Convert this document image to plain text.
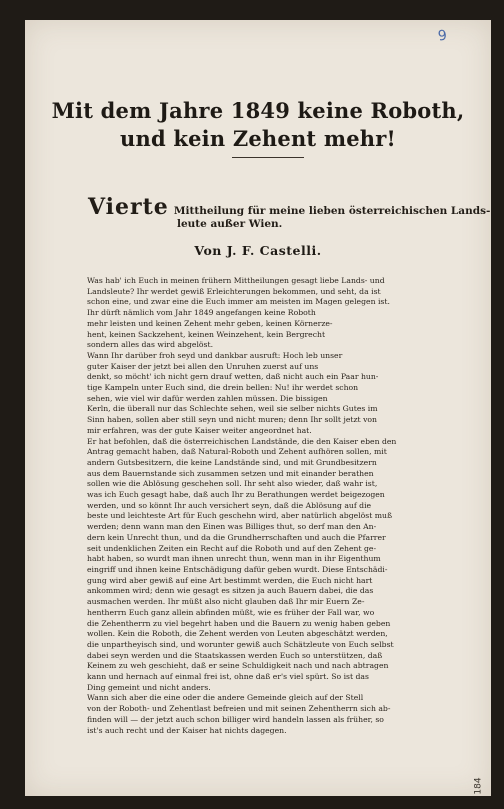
9
Mit dem Jahre 1849 keine Roboth,
und kein Zehent mehr!
Vierte Mittheilung für meine lieben österreichischen Lands-
leute außer Wien.
Von J. F. Castelli.
Was hab' ich Euch in meinen frühern Mittheilungen gesagt liebe Lands- und
Landsleute? Ihr werdet gewiß Erleichterungen bekommen, und seht, da ist
schon eine, und zwar eine die Euch immer am meisten im Magen gelegen ist.
Ihr dürft nämlich vom Jahr 1849 angefangen keine Roboth
mehr leisten und keinen Zehent mehr geben, keinen Körnerze-
hent, keinen Sackzehent, keinen Weinzehent, kein Bergrecht
sondern alles das wird abgelöst.
Wann Ihr darüber froh seyd und dankbar ausruft: Hoch leb unser
guter Kaiser der jetzt bei allen den Unruhen zuerst auf uns
denkt, so möcht' ich nicht gern drauf wetten, daß nicht auch ein Paar hun-
tige Kampeln unter Euch sind, die drein bellen: Nu! ihr werdet schon
sehen, wie viel wir dafür werden zahlen müssen. Die bissigen
Kerln, die überall nur das Schlechte sehen, weil sie selber nichts Gutes im
Sinn haben, sollen aber still seyn und nicht muren; denn Ihr sollt jetzt von
mir erfahren, was der gute Kaiser weiter angeordnet hat.
Er hat befohlen, daß die österreichischen Landstände, die den Kaiser eben den
Antrag gemacht haben, daß Natural-Roboth und Zehent aufhören sollen, mit
andern Gutsbesitzern, die keine Landstände sind, und mit Grundbesitzern
aus dem Bauernstande sich zusammen setzen und mit einander berathen
sollen wie die Ablösung geschehen soll. Ihr seht also wieder, daß wahr ist,
was ich Euch gesagt habe, daß auch Ihr zu Berathungen werdet beigezogen
werden, und so könnt Ihr auch versichert seyn, daß die Ablösung auf die
beste und leichteste Art für Euch geschehn wird, aber natürlich abgelöst muß
werden; denn wann man den Einen was Billiges thut, so derf man den An-
dern kein Unrecht thun, und da die Grundherrschaften und auch die Pfarrer
seit undenklichen Zeiten ein Recht auf die Roboth und auf den Zehent ge-
habt haben, so wurdt man ihnen unrecht thun, wenn man in ihr Eigenthum
eingriff und ihnen keine Entschädigung dafür geben wurdt. Diese Entschädi-
gung wird aber gewiß auf eine Art bestimmt werden, die Euch nicht hart
ankommen wird; denn wie gesagt es sitzen ja auch Bauern dabei, die das
ausmachen werden. Ihr müßt also nicht glauben daß Ihr mir Euern Ze-
hentherrn Euch ganz allein abfinden müßt, wie es früher der Fall war, wo
die Zehentherrn zu viel begehrt haben und die Bauern zu wenig haben geben
wollen. Kein die Roboth, die Zehent werden von Leuten abgeschätzt werden,
die unpartheyisch sind, und worunter gewiß auch Schätzleute von Euch selbst
dabei seyn werden und die Staatskassen werden Euch so unterstützen, daß
Keinem zu weh geschieht, daß er seine Schuldigkeit nach und nach abtragen
kann und hernach auf einmal frei ist, ohne daß er's viel spürt. So ist das
Ding gemeint und nicht anders.
Wann sich aber die eine oder die andere Gemeinde gleich auf der Stell
von der Roboth- und Zehentlast befreien und mit seinen Zehentherrn sich ab-
finden will — der jetzt auch schon billiger wird handeln lassen als früher, so
ist's auch recht und der Kaiser hat nichts dagegen.
184
